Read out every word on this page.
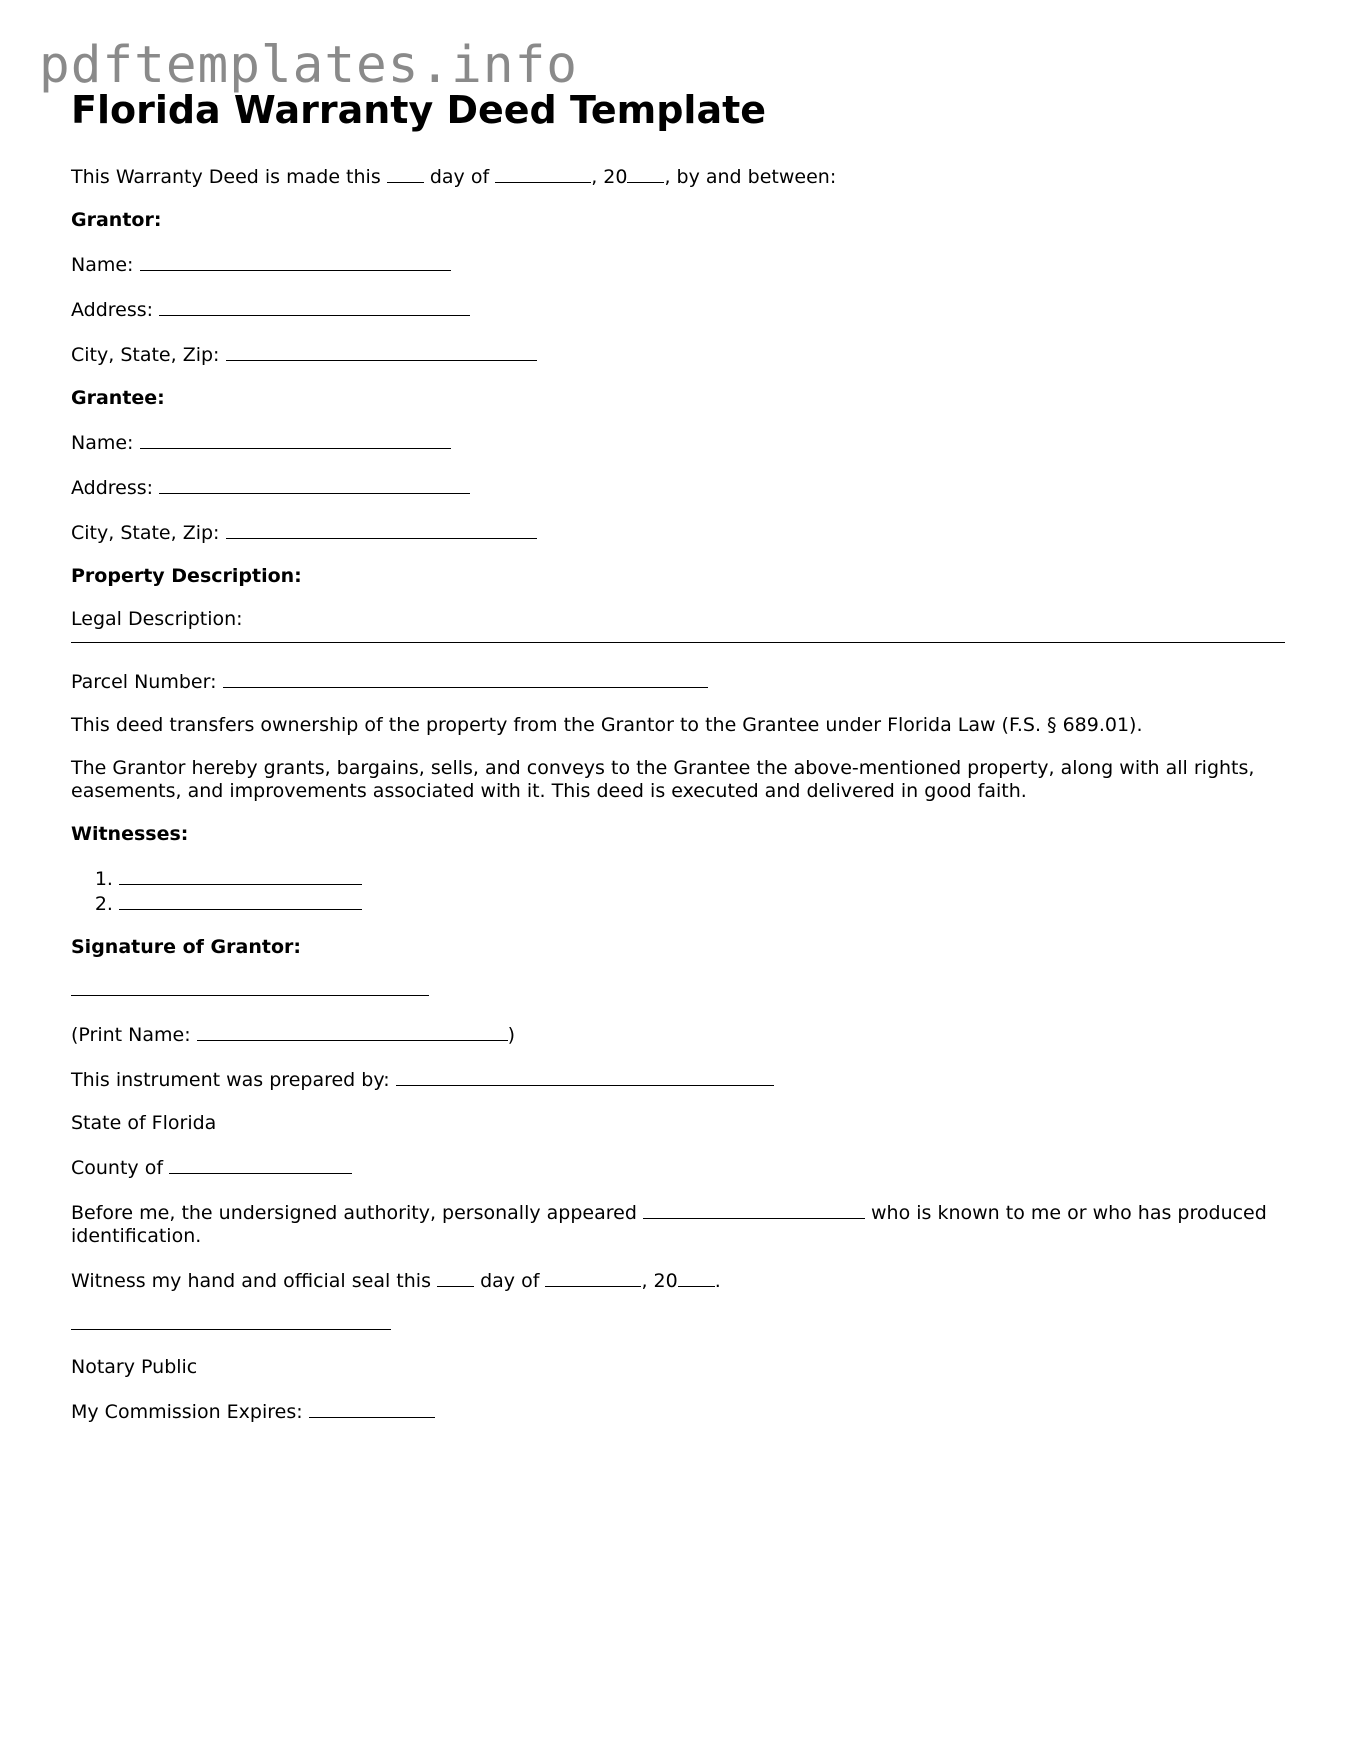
pdftemplates.info
Florida Warranty Deed Template

This Warranty Deed is made this	day of	, 20 , by and between:

Grantor:

Name:

Address:

City, State, Zip:

Grantee:

Name:

Address:

City, State, Zip:

Property Description:

Legal Description:

Parcel Number:

This deed transfers ownership of the property from the Grantor to the Grantee under Florida Law (F.S. § 689.01).

The Grantor hereby grants, bargains, sells, and conveys to the Grantee the above-mentioned property, along with all rights, easements, and improvements associated with it. This deed is executed and delivered in good faith.

Witnesses:

1.
2.

Signature of Grantor:

(Print Name:	)

This instrument was prepared by:

State of Florida

County of

Before me, the undersigned authority, personally appeared	who is known to me or who has produced identification.

Witness my hand and official seal this	day of	, 20 .

Notary Public

My Commission Expires:
